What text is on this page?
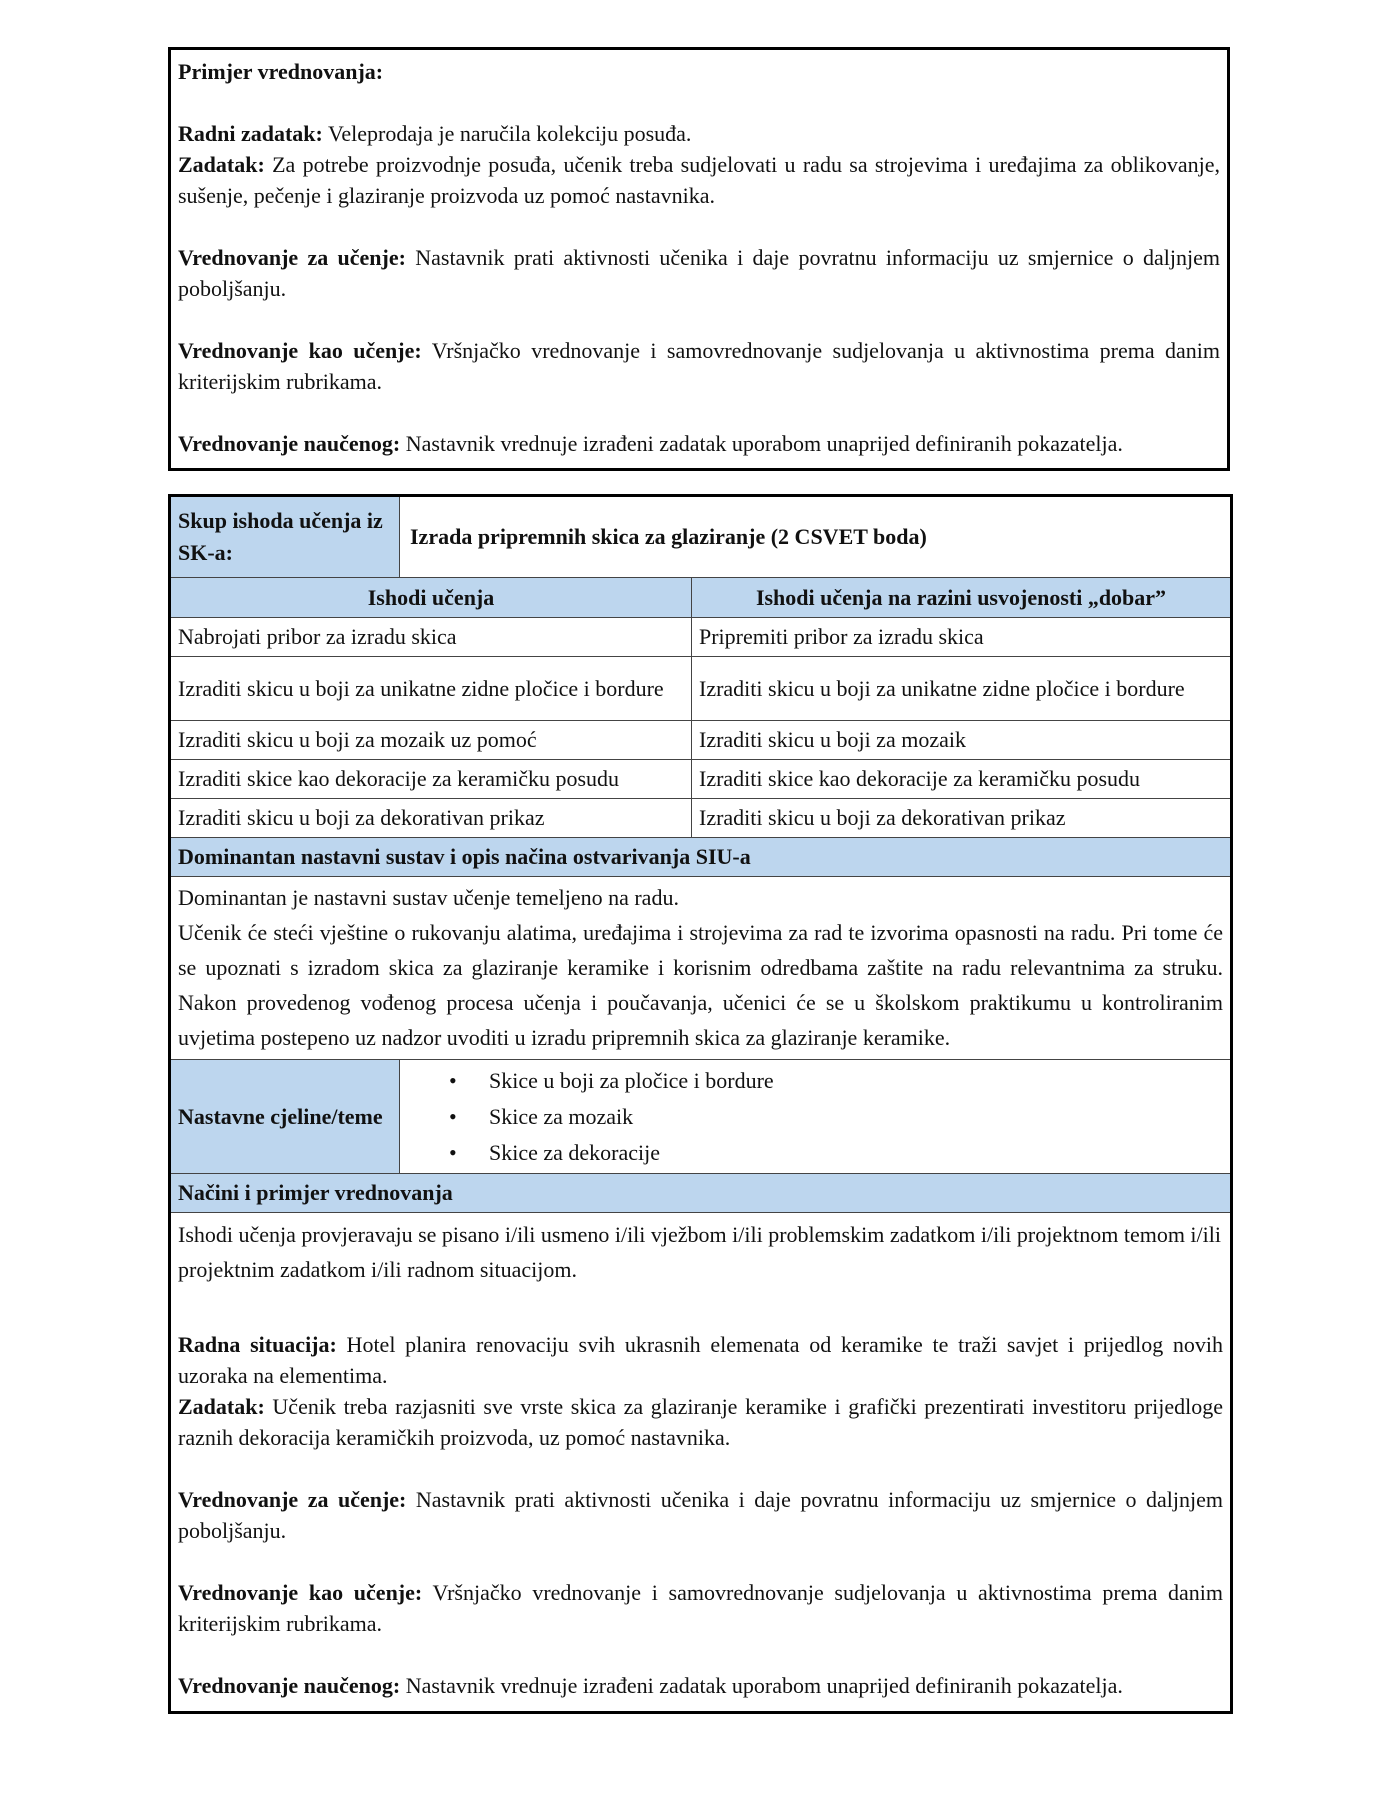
Primjer vrednovanja:
Radni zadatak: Veleprodaja je naručila kolekciju posuđa.
Zadatak: Za potrebe proizvodnje posuđa, učenik treba sudjelovati u radu sa strojevima i uređajima za oblikovanje, sušenje, pečenje i glaziranje proizvoda uz pomoć nastavnika.
Vrednovanje za učenje: Nastavnik prati aktivnosti učenika i daje povratnu informaciju uz smjernice o daljnjem poboljšanju.
Vrednovanje kao učenje: Vršnjačko vrednovanje i samovrednovanje sudjelovanja u aktivnostima prema danim kriterijskim rubrikama.
Vrednovanje naučenog: Nastavnik vrednuje izrađeni zadatak uporabom unaprijed definiranih pokazatelja.
Skup ishoda učenja iz SK-a:	Izrada pripremnih skica za glaziranje (2 CSVET boda)	
Ishodi učenja		Ishodi učenja na razini usvojenosti „dobar”
Nabrojati pribor za izradu skica		Pripremiti pribor za izradu skica
Izraditi skicu u boji za unikatne zidne pločice i bordure		Izraditi skicu u boji za unikatne zidne pločice i bordure
Izraditi skicu u boji za mozaik uz pomoć		Izraditi skicu u boji za mozaik
Izraditi skice kao dekoracije za keramičku posudu		Izraditi skice kao dekoracije za keramičku posudu
Izraditi skicu u boji za dekorativan prikaz		Izraditi skicu u boji za dekorativan prikaz
Dominantan nastavni sustav i opis načina ostvarivanja SIU-a		

Dominantan je nastavni sustav učenje temeljeno na radu.
Učenik će steći vještine o rukovanju alatima, uređajima i strojevima za rad te izvorima opasnosti na radu. Pri tome će se upoznati s izradom skica za glaziranje keramike i korisnim odredbama zaštite na radu relevantnima za struku. Nakon provedenog vođenog procesa učenja i poučavanja, učenici će se u školskom praktikumu u kontroliranim uvjetima postepeno uz nadzor uvoditi u izradu pripremnih skica za glaziranje keramike.		

Nastavne cjeline/teme	
• Skice u boji za pločice i bordure
• Skice za mozaik
• Skice za dekoracije

Načini i primjer vrednovanja		

Ishodi učenja provjeravaju se pisano i/ili usmeno i/ili vježbom i/ili problemskim zadatkom i/ili projektnom temom i/ili projektnim zadatkom i/ili radnom situacijom.
Radna situacija: Hotel planira renovaciju svih ukrasnih elemenata od keramike te traži savjet i prijedlog novih uzoraka na elementima.
Zadatak: Učenik treba razjasniti sve vrste skica za glaziranje keramike i grafički prezentirati investitoru prijedloge raznih dekoracija keramičkih proizvoda, uz pomoć nastavnika.
Vrednovanje za učenje: Nastavnik prati aktivnosti učenika i daje povratnu informaciju uz smjernice o daljnjem poboljšanju.
Vrednovanje kao učenje: Vršnjačko vrednovanje i samovrednovanje sudjelovanja u aktivnostima prema danim kriterijskim rubrikama.
Vrednovanje naučenog: Nastavnik vrednuje izrađeni zadatak uporabom unaprijed definiranih pokazatelja.
